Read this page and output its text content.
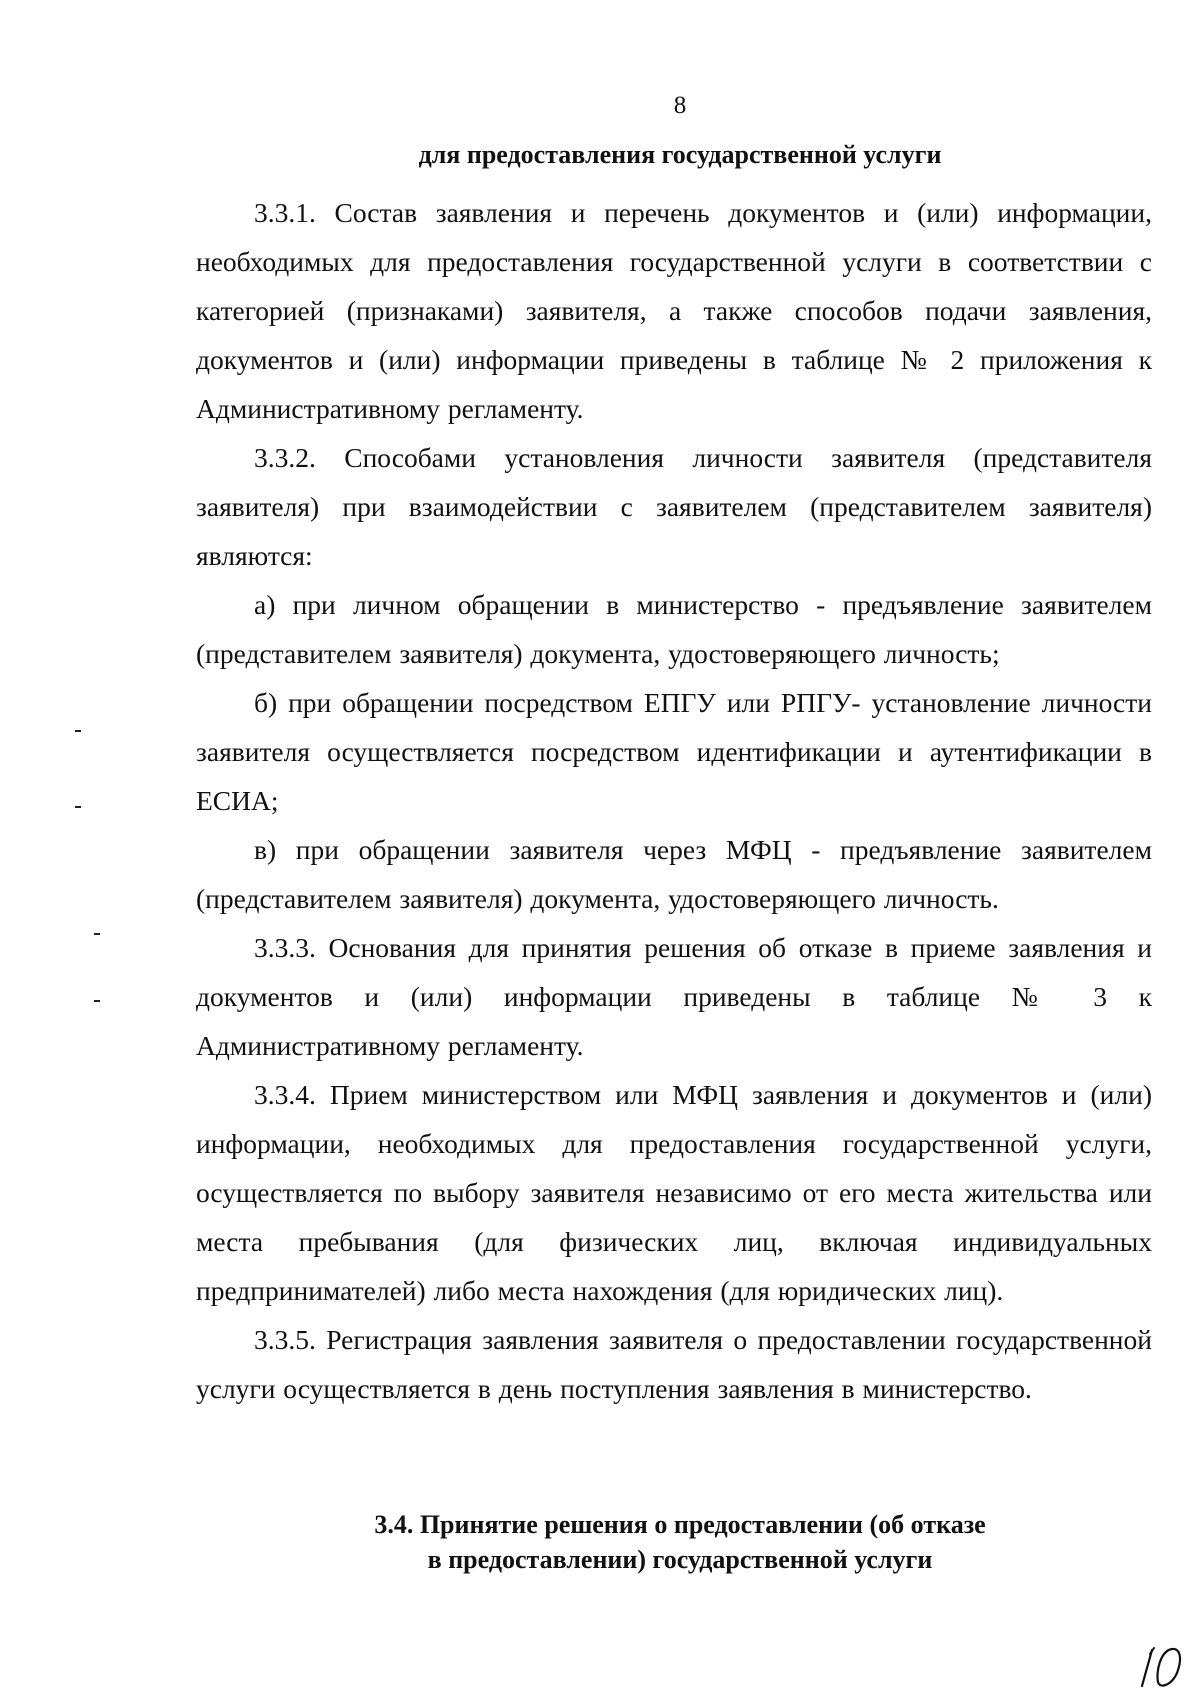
8
для предоставления государственной услуги

3.3.1. Состав заявления и перечень документов и (или) информации, необходимых для предоставления государственной услуги в соответствии с категорией (признаками) заявителя, а также способов подачи заявления, документов и (или) информации приведены в таблице № 2 приложения к Административному регламенту.

3.3.2. Способами установления личности заявителя (представителя заявителя) при взаимодействии с заявителем (представителем заявителя) являются:

а) при личном обращении в министерство - предъявление заявителем (представителем заявителя) документа, удостоверяющего личность;

б) при обращении посредством ЕПГУ или РПГУ- установление личности заявителя осуществляется посредством идентификации и аутентификации в ЕСИА;

в) при обращении заявителя через МФЦ - предъявление заявителем (представителем заявителя) документа, удостоверяющего личность.

3.3.3. Основания для принятия решения об отказе в приеме заявления и документов и (или) информации приведены в таблице № 3 к Административному регламенту.

3.3.4. Прием министерством или МФЦ заявления и документов и (или) информации, необходимых для предоставления государственной услуги, осуществляется по выбору заявителя независимо от его места жительства или места пребывания (для физических лиц, включая индивидуальных предпринимателей) либо места нахождения (для юридических лиц).

3.3.5. Регистрация заявления заявителя о предоставлении государственной услуги осуществляется в день поступления заявления в министерство.

3.4. Принятие решения о предоставлении (об отказе
в предоставлении) государственной услуги
